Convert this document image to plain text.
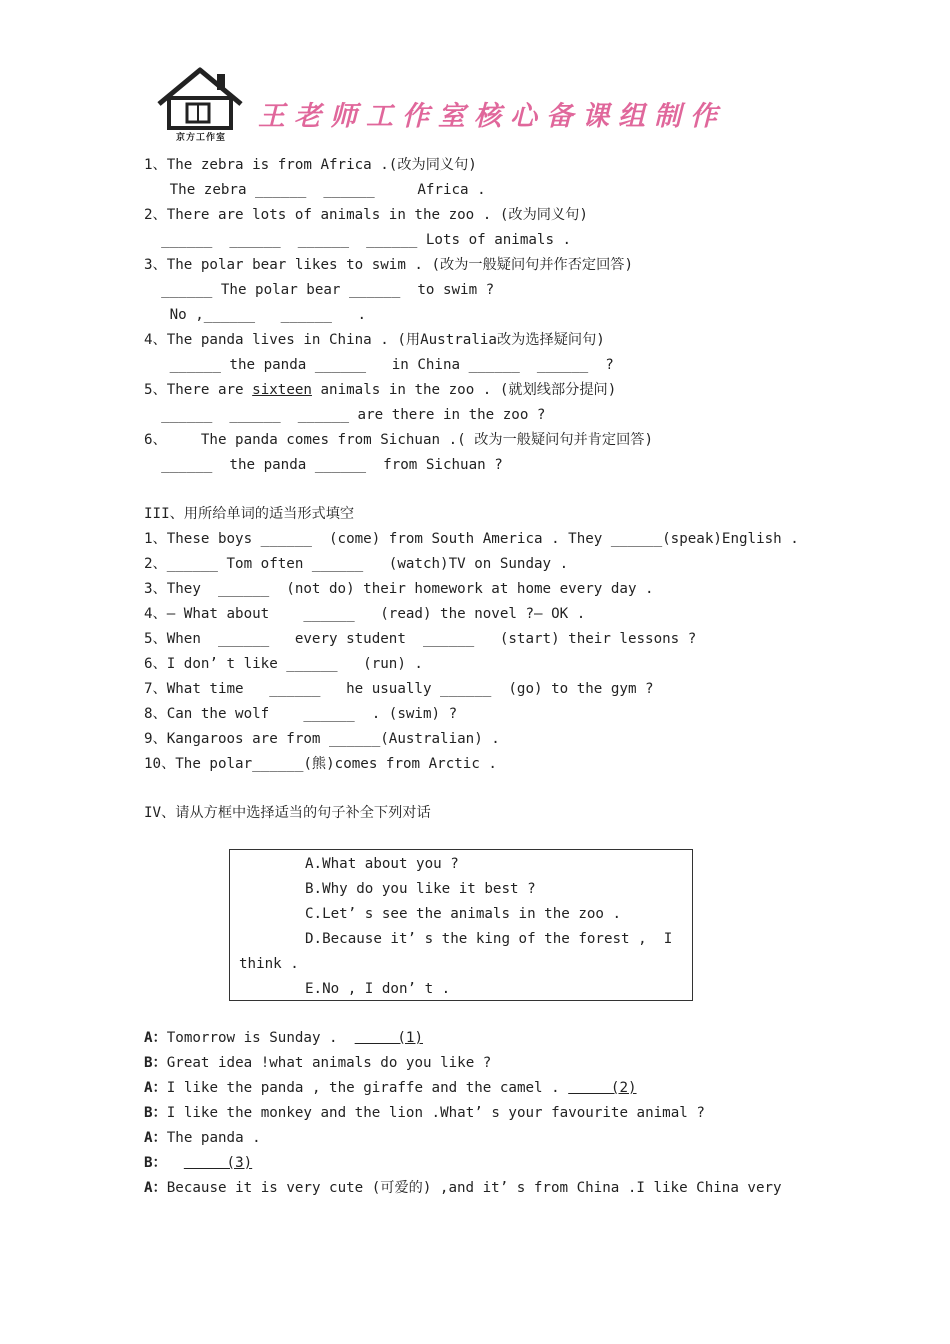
京方工作室
王老师工作室核心备课组制作
1、The zebra is from Africa .(改为同义句)
The zebra ______  ______     Africa .
2、There are lots of animals in the zoo . (改为同义句)
______  ______  ______  ______ Lots of animals .
3、The polar bear likes to swim . (改为一般疑问句并作否定回答)
______ The polar bear ______  to swim ?
No ,______   ______   .
4、The panda lives in China . (用Australia改为选择疑问句)
______ the panda ______   in China ______  ______  ?
5、There are sixteen animals in the zoo . (就划线部分提问)
______  ______  ______ are there in the zoo ?
6、    The panda comes from Sichuan .( 改为一般疑问句并肯定回答)
______  the panda ______  from Sichuan ?
III、用所给单词的适当形式填空
1、These boys ______  (come) from South America . They ______(speak)English .
2、______ Tom often ______   (watch)TV on Sunday .
3、They  ______  (not do) their homework at home every day .
4、— What about    ______   (read) the novel ?— OK .
5、When  ______   every student  ______   (start) their lessons ?
6、I don’ t like ______   (run) .
7、What time   ______   he usually ______  (go) to the gym ?
8、Can the wolf    ______  . (swim) ?
9、Kangaroos are from ______(Australian) .
10、The polar______(熊)comes from Arctic .
IV、请从方框中选择适当的句子补全下列对话
A.What about you ?
B.Why do you like it best ?
C.Let’ s see the animals in the zoo .
D.Because it’ s the king of the forest ,  I
think .
E.No , I don’ t .
A：Tomorrow is Sunday .       (1)
B：Great idea !what animals do you like ?
A：I like the panda , the giraffe and the camel .      (2)
B：I like the monkey and the lion .What’ s your favourite animal ?
A：The panda .
B：       (3)
A：Because it is very cute (可爱的) ,and it’ s from China .I like China very
